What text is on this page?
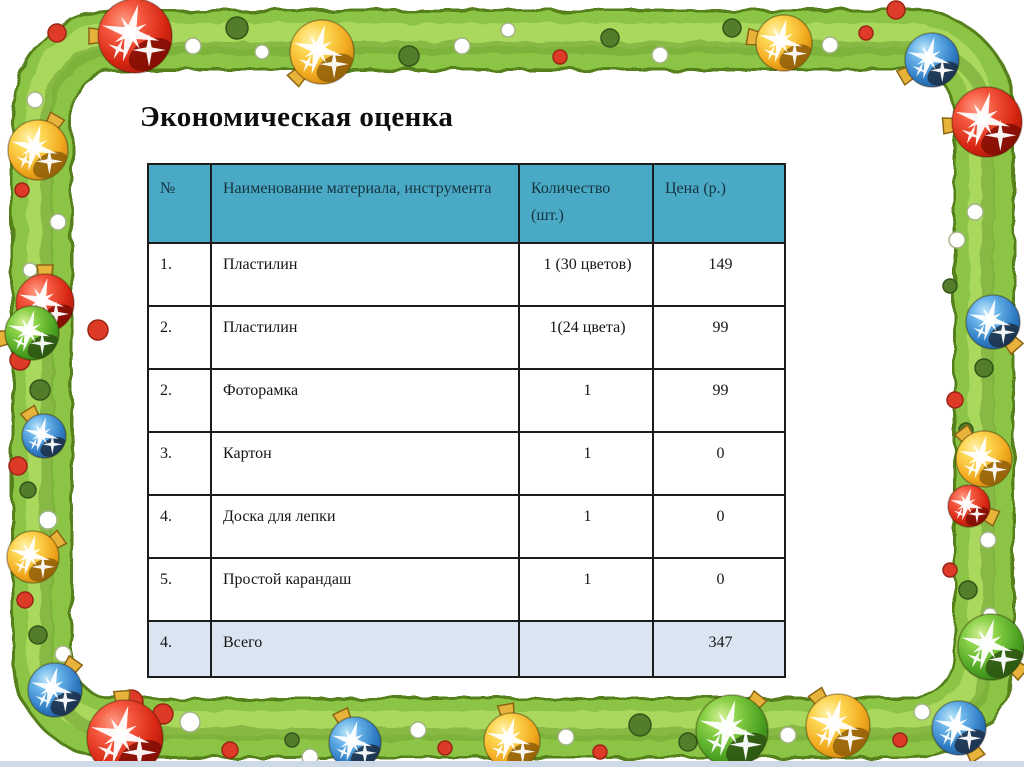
Экономическая оценка
№	Наименование материала, инструмента	Количество (шт.)	Цена (р.)
1.	Пластилин	1 (30 цветов)	149
2.	Пластилин	1(24 цвета)	99
2.	Фоторамка	1	99
3.	Картон	1	0
4.	Доска для лепки	1	0
5.	Простой карандаш	1	0
4.	Всего		347
